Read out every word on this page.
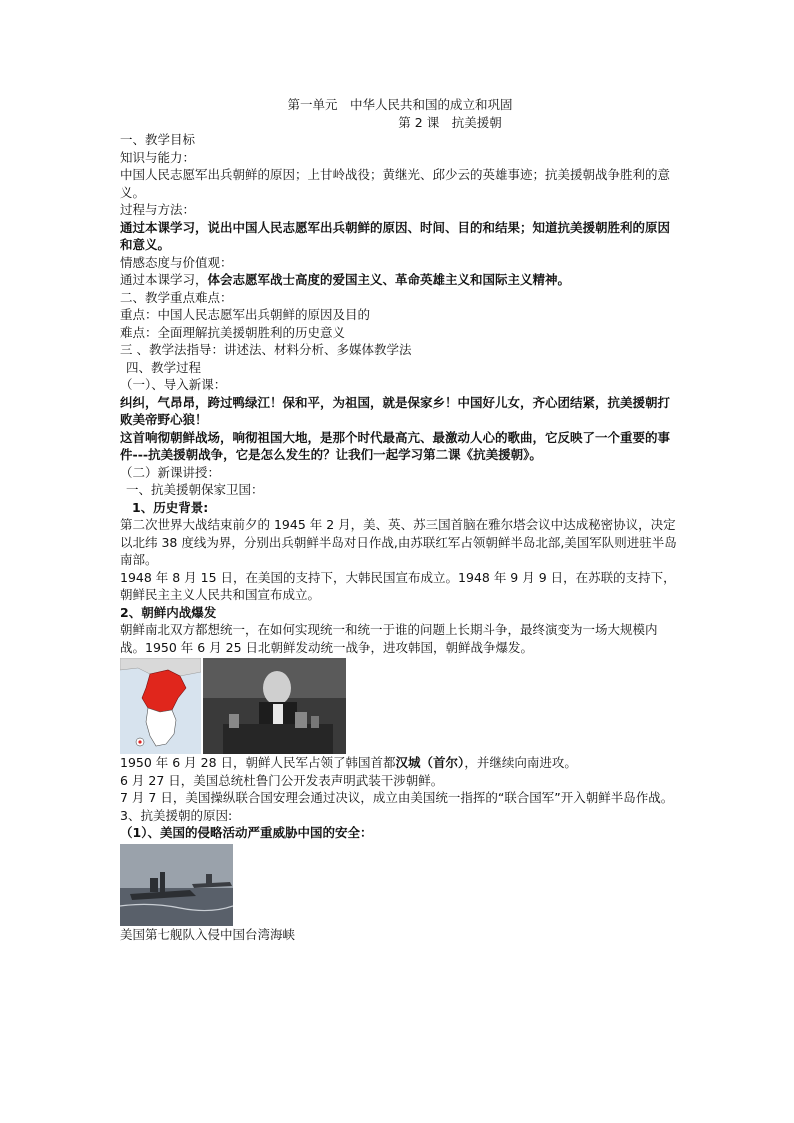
第一单元　中华人民共和国的成立和巩固

第 2 课　抗美援朝

一、教学目标

知识与能力：

中国人民志愿军出兵朝鲜的原因；上甘岭战役；黄继光、邱少云的英雄事迹；抗美援朝战争胜利的意义。

过程与方法：

通过本课学习，说出中国人民志愿军出兵朝鲜的原因、时间、目的和结果；知道抗美援朝胜利的原因和意义。

情感态度与价值观：

通过本课学习，体会志愿军战士高度的爱国主义、革命英雄主义和国际主义精神。

二、教学重点难点：

重点：中国人民志愿军出兵朝鲜的原因及目的

难点：全面理解抗美援朝胜利的历史意义

三 、教学法指导：讲述法、材料分析、多媒体教学法

四、教学过程

（一）、导入新课：

纠纠，气昂昂，跨过鸭绿江！保和平，为祖国，就是保家乡！中国好儿女，齐心团结紧，抗美援朝打败美帝野心狼！

这首响彻朝鲜战场，响彻祖国大地，是那个时代最高亢、最激动人心的歌曲，它反映了一个重要的事件---抗美援朝战争，它是怎么发生的？让我们一起学习第二课《抗美援朝》。

（二）新课讲授：

一、抗美援朝保家卫国：

1、历史背景:

第二次世界大战结束前夕的 1945 年 2 月，美、英、苏三国首脑在雅尔塔会议中达成秘密协议，决定以北纬 38 度线为界，分别出兵朝鲜半岛对日作战,由苏联红军占领朝鲜半岛北部,美国军队则进驻半岛南部。

1948 年 8 月 15 日，在美国的支持下，大韩民国宣布成立。1948 年 9 月 9 日，在苏联的支持下，朝鲜民主主义人民共和国宣布成立。

2、朝鲜内战爆发

朝鲜南北双方都想统一，在如何实现统一和统一于谁的问题上长期斗争，最终演变为一场大规模内战。1950 年 6 月 25 日北朝鲜发动统一战争，进攻韩国，朝鲜战争爆发。

1950 年 6 月 28 日，朝鲜人民军占领了韩国首都汉城（首尔），并继续向南进攻。

6 月 27 日，美国总统杜鲁门公开发表声明武装干涉朝鲜。

7 月 7 日，美国操纵联合国安理会通过决议，成立由美国统一指挥的“联合国军”开入朝鲜半岛作战。

3、抗美援朝的原因:

（1）、美国的侵略活动严重威胁中国的安全：

美国第七舰队入侵中国台湾海峡
